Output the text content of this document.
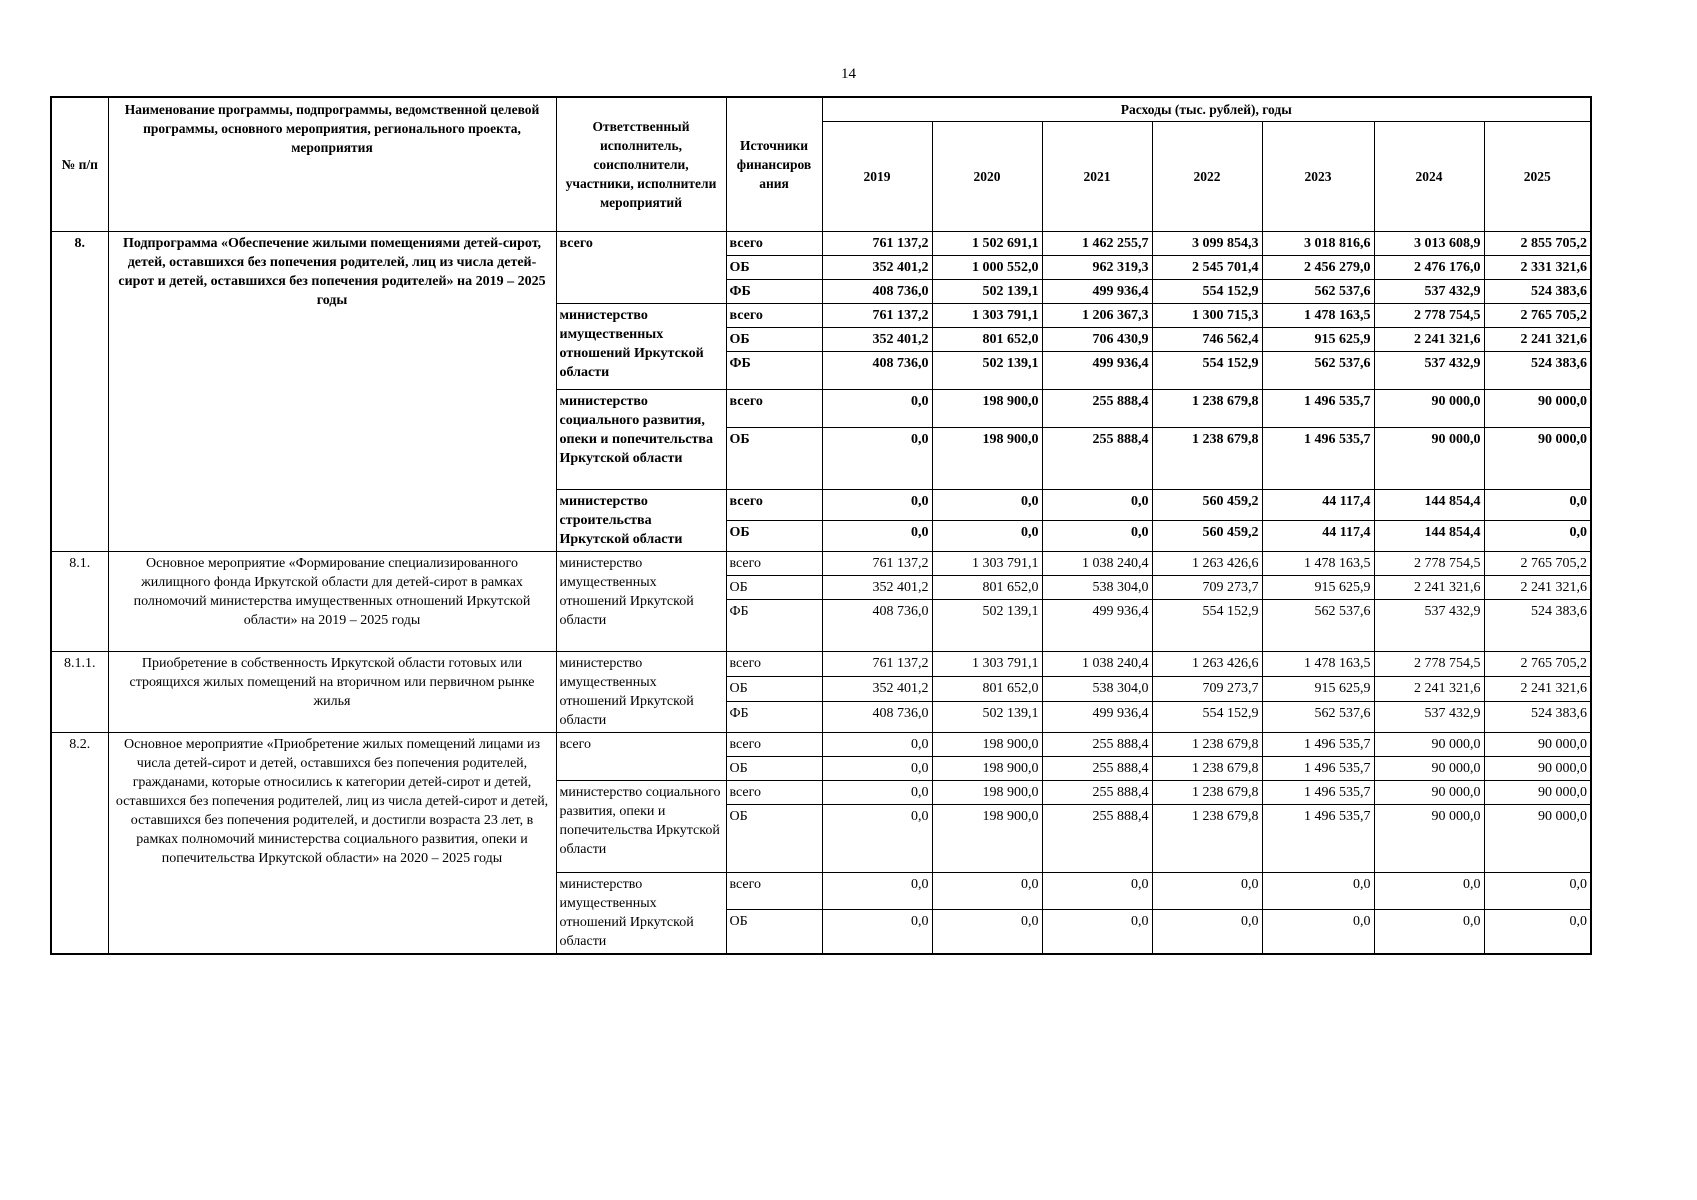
14
№ п/п	Наименование программы, подпрограммы, ведомственной целевой программы, основного мероприятия, регионального проекта, мероприятия	Ответственный исполнитель, соисполнители, участники, исполнители мероприятий	Источники финансиров ания	Расходы (тыс. рублей), годы						
				2019	2020	2021	2022	2023	2024	2025
8.	Подпрограмма «Обеспечение жилыми помещениями детей-сирот, детей, оставшихся без попечения родителей, лиц из числа детей-сирот и детей, оставшихся без попечения родителей» на 2019 – 2025 годы	всего	всего	761 137,2	1 502 691,1	1 462 255,7	3 099 854,3	3 018 816,6	3 013 608,9	2 855 705,2
			ОБ	352 401,2	1 000 552,0	962 319,3	2 545 701,4	2 456 279,0	2 476 176,0	2 331 321,6
			ФБ	408 736,0	502 139,1	499 936,4	554 152,9	562 537,6	537 432,9	524 383,6
		министерство имущественных отношений Иркутской области	всего	761 137,2	1 303 791,1	1 206 367,3	1 300 715,3	1 478 163,5	2 778 754,5	2 765 705,2
			ОБ	352 401,2	801 652,0	706 430,9	746 562,4	915 625,9	2 241 321,6	2 241 321,6
			ФБ	408 736,0	502 139,1	499 936,4	554 152,9	562 537,6	537 432,9	524 383,6
		министерство социального развития, опеки и попечительства Иркутской области	всего	0,0	198 900,0	255 888,4	1 238 679,8	1 496 535,7	90 000,0	90 000,0
			ОБ	0,0	198 900,0	255 888,4	1 238 679,8	1 496 535,7	90 000,0	90 000,0
		министерство строительства Иркутской области	всего	0,0	0,0	0,0	560 459,2	44 117,4	144 854,4	0,0
			ОБ	0,0	0,0	0,0	560 459,2	44 117,4	144 854,4	0,0
8.1.	Основное мероприятие «Формирование специализированного жилищного фонда Иркутской области для детей-сирот в рамках полномочий министерства имущественных отношений Иркутской области» на 2019 – 2025 годы	министерство имущественных отношений Иркутской области	всего	761 137,2	1 303 791,1	1 038 240,4	1 263 426,6	1 478 163,5	2 778 754,5	2 765 705,2
			ОБ	352 401,2	801 652,0	538 304,0	709 273,7	915 625,9	2 241 321,6	2 241 321,6
			ФБ	408 736,0	502 139,1	499 936,4	554 152,9	562 537,6	537 432,9	524 383,6
8.1.1.	Приобретение в собственность Иркутской области готовых или строящихся жилых помещений на вторичном или первичном рынке жилья	министерство имущественных отношений Иркутской области	всего	761 137,2	1 303 791,1	1 038 240,4	1 263 426,6	1 478 163,5	2 778 754,5	2 765 705,2
			ОБ	352 401,2	801 652,0	538 304,0	709 273,7	915 625,9	2 241 321,6	2 241 321,6
			ФБ	408 736,0	502 139,1	499 936,4	554 152,9	562 537,6	537 432,9	524 383,6
8.2.	Основное мероприятие «Приобретение жилых помещений лицами из числа детей-сирот и детей, оставшихся без попечения родителей, гражданами, которые относились к категории детей-сирот и детей, оставшихся без попечения родителей, лиц из числа детей-сирот и детей, оставшихся без попечения родителей, и достигли возраста 23 лет, в рамках полномочий министерства социального развития, опеки и попечительства Иркутской области» на 2020 – 2025 годы	всего	всего	0,0	198 900,0	255 888,4	1 238 679,8	1 496 535,7	90 000,0	90 000,0
			ОБ	0,0	198 900,0	255 888,4	1 238 679,8	1 496 535,7	90 000,0	90 000,0
		министерство социального развития, опеки и попечительства Иркутской области	всего	0,0	198 900,0	255 888,4	1 238 679,8	1 496 535,7	90 000,0	90 000,0
			ОБ	0,0	198 900,0	255 888,4	1 238 679,8	1 496 535,7	90 000,0	90 000,0
		министерство имущественных отношений Иркутской области	всего	0,0	0,0	0,0	0,0	0,0	0,0	0,0
			ОБ	0,0	0,0	0,0	0,0	0,0	0,0	0,0
